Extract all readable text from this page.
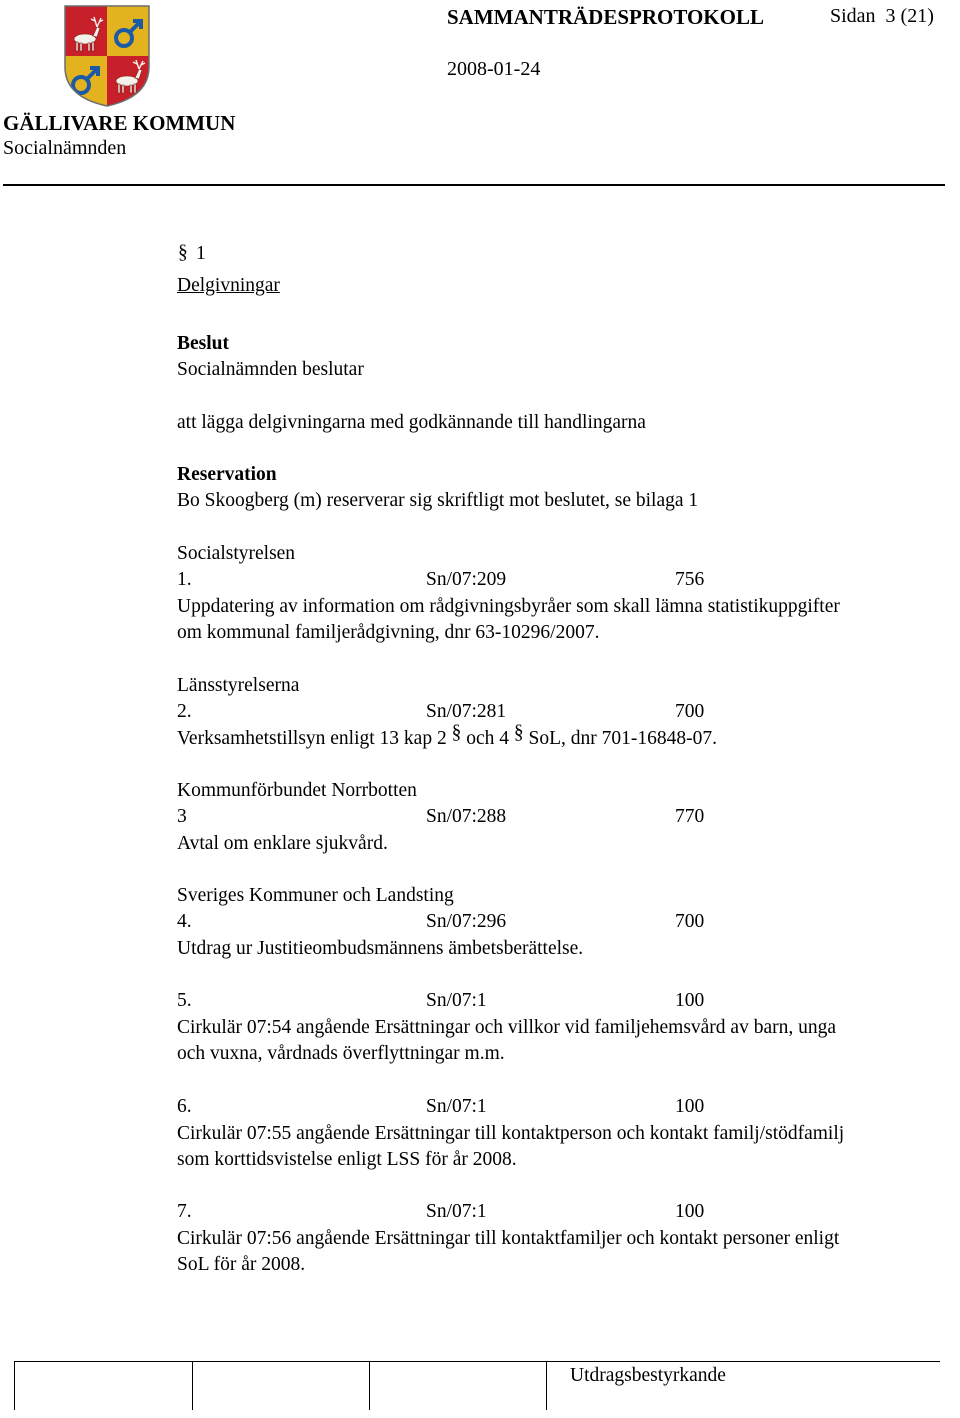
SAMMANTRÄDESPROTOKOLL	Sidan  3 (21)
2008-01-24
GÄLLIVARE KOMMUN
Socialnämnden
§ 1
Delgivningar
Beslut
Socialnämnden beslutar
att lägga delgivningarna med godkännande till handlingarna
Reservation
Bo Skoogberg (m) reserverar sig skriftligt mot beslutet, se bilaga 1
Socialstyrelsen
1.	Sn/07:209	756
Uppdatering av information om rådgivningsbyråer som skall lämna statistikuppgifter
om kommunal familjerådgivning, dnr 63-10296/2007.
Länsstyrelserna
2.	Sn/07:281	700
Verksamhetstillsyn enligt 13 kap 2 § och 4 § SoL, dnr 701-16848-07.
Kommunförbundet Norrbotten
3	Sn/07:288	770
Avtal om enklare sjukvård.
Sveriges Kommuner och Landsting
4.	Sn/07:296	700
Utdrag ur Justitieombudsmännens ämbetsberättelse.
5.	Sn/07:1	100
Cirkulär 07:54 angående Ersättningar och villkor vid familjehemsvård av barn, unga
och vuxna, vårdnads överflyttningar m.m.
6.	Sn/07:1	100
Cirkulär 07:55 angående Ersättningar till kontaktperson och kontakt familj/stödfamilj
som korttidsvistelse enligt LSS för år 2008.
7.	Sn/07:1	100
Cirkulär 07:56 angående Ersättningar till kontaktfamiljer och kontakt personer enligt
SoL för år 2008.
Utdragsbestyrkande
